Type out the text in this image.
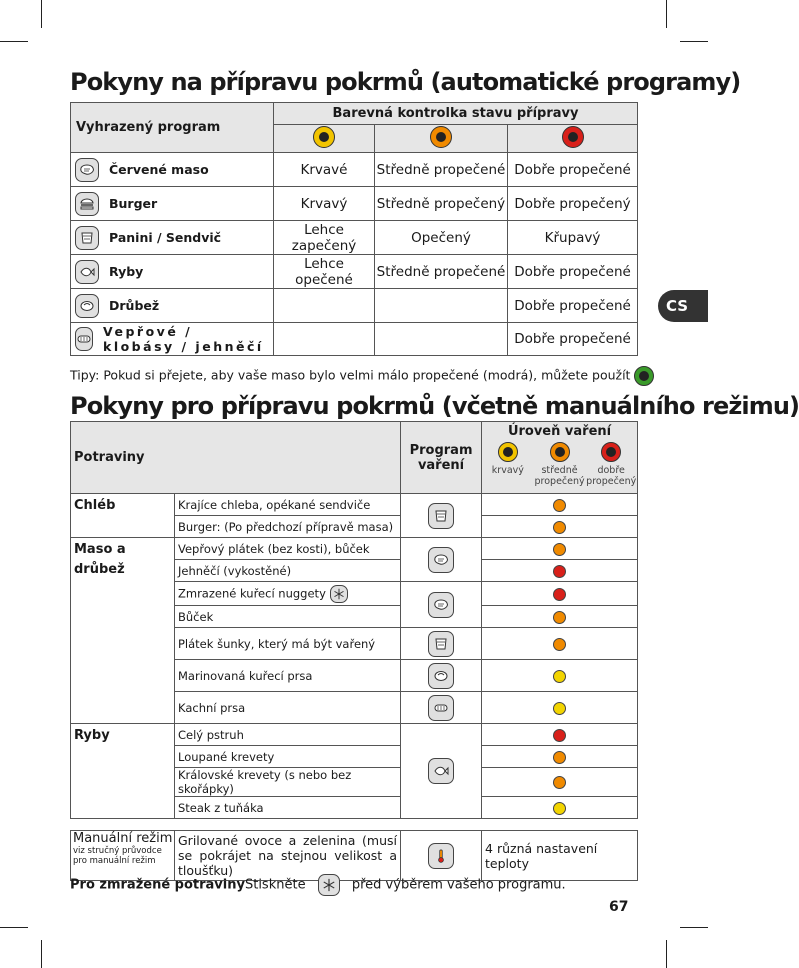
Pokyny na přípravu pokrmů (automatické programy)
Vyhrazený program	Barevná kontrolka stavu přípravy		

Červené maso	Krvavé	Středně propečené	Dobře propečené

Burger	Krvavý	Středně propečený	Dobře propečený

Panini / Sendvič	Lehce zapečený	Opečený	Křupavý

Ryby	Lehce opečené	Středně propečené	Dobře propečené

Drůbež			Dobře propečené

Vepřové / klobásy / jehněčí			Dobře propečené
Tipy: Pokud si přejete, aby vaše maso bylo velmi málo propečené (modrá), můžete použít
Pokyny pro přípravu pokrmů (včetně manuálního režimu)
Potraviny		Program vaření	Úroveň vaření
krvavý středně propečený
dobře propečený

Chléb	Krajíce chleba, opékané sendviče	

	Burger: (Po předchozí přípravě masa)		
Maso a drůbež	Vepřový plátek (bez kosti), bůček	

	Jehněčí (vykostěné)		
	Zmrazené kuřecí nuggety

	Bůček		
	Plátek šunky, který má být vařený	

	Marinovaná kuřecí prsa	

	Kachní prsa	

Ryby	Celý pstruh	

	Loupané krevety		
	Královské krevety (s nebo bez skořápky)		
	Steak z tuňáka		

Manuální režim
viz stručný průvodce pro manuální režim	Grilované ovoce a zelenina (musí se pokrájet na stejnou velikost a tloušťku)		4 různá nastavení teploty
Pro zmražené potravinyStiskněte	před výběrem vašeho programu.
CS
67
